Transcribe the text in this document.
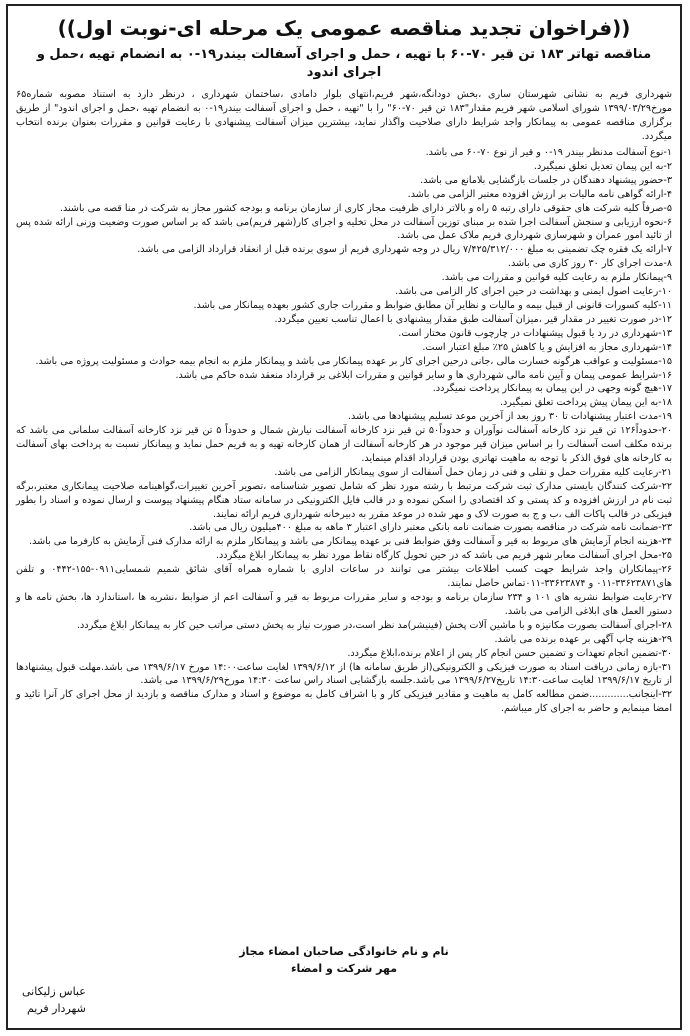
((فراخوان تجدید مناقصه عمومی یک مرحله ای-نوبت اول))
مناقصه تهاتر ۱۸۳ تن قیر ۷۰-۶۰ با تهیه ، حمل و اجرای آسفالت بیندر۱۹-۰ به انضمام تهیه ،حمل و اجرای اندود

شهرداری فریم به نشانی شهرستان ساری ،بخش دودانگه،شهر فریم،انتهای بلوار دامادی ،ساختمان شهرداری ، درنظر دارد به استناد مصوبه شماره۶۵ مورخ۱۳۹۹/۰۳/۲۹ شورای اسلامی شهر فریم مقدار"۱۸۳ تن قیر ۷۰-۶۰" را با "تهیه ، حمل و اجرای آسفالت بیندر۱۹-۰ به انضمام تهیه ،حمل و اجرای اندود" از طریق برگزاری مناقصه عمومی به پیمانکار واجد شرایط دارای صلاحیت واگذار نماید، بیشترین میزان آسفالت پیشنهادی با رعایت قوانین و مقررات بعنوان برنده انتخاب میگردد.

۱-نوع آسفالت مدنظر بیندر ۱۹-۰ و قیر از نوع ۷۰-۶۰ می باشد.
۲-به این پیمان تعدیل تعلق نمیگیرد.
۳-حضور پیشنهاد دهندگان در جلسات بازگشایی بلامانع می باشد.
۴-ارائه گواهی نامه مالیات بر ارزش افزوده معتبر الزامی می باشد.
۵-صرفاً کلیه شرکت های حقوقی دارای رتبه ۵ راه و بالاتر دارای ظرفیت مجاز کاری از سازمان برنامه و بودجه کشور مجاز به شرکت در منا قصه می باشند.
۶-نحوه ارزیابی و سنجش آسفالت اجرا شده بر مبنای توزین آسفالت در محل تخلیه و اجرای کار(شهر فریم)می باشد که بر اساس صورت وضعیت وزنی ارائه شده پس از تائید امور عمران و شهرسازی شهرداری فریم ملاک عمل می باشد.
۷-ارائه یک فقره چک تضمینی به مبلغ ۷/۴۲۵/۳۱۲/۰۰۰ ریال در وجه شهرداری فریم از سوی برنده قبل از انعقاد قرارداد الزامی می باشد.
۸-مدت اجرای کار ۳۰ روز کاری می باشد.
۹-پیمانکار ملزم به رعایت کلیه قوانین و مقررات می باشد.
۱۰-رعایت اصول ایمنی و بهداشت در حین اجرای کار الزامی می باشد.
۱۱-کلیه کسورات قانونی از قبیل بیمه و مالیات و نظایر آن مطابق ضوابط و مقررات جاری کشور بعهده پیمانکار می باشد.
۱۲-در صورت تغییر در مقدار قیر ،میزان آسفالت طبق مقدار پیشنهادی با اعمال تناسب تعیین میگردد.
۱۳-شهرداری در رد یا قبول پیشنهادات در چارچوب قانون مختار است.
۱۴-شهرداری مجاز به افزایش و یا کاهش ۲۵٪ مبلغ اعتبار است.
۱۵-مسئولیت و عواقب هرگونه خسارت مالی ،جانی درحین اجرای کار بر عهده پیمانکار می باشد و پیمانکار ملزم به انجام بیمه حوادث و مسئولیت پروژه می باشد.
۱۶-شرایط عمومی پیمان و آیین نامه مالی شهرداری ها و سایر قوانین و مقررات ابلاغی بر قرارداد منعقد شده حاکم می باشد.
۱۷-هیچ گونه وجهی در این پیمان به پیمانکار پرداخت نمیگردد.
۱۸-به این پیمان پیش پرداخت تعلق نمیگیرد.
۱۹-مدت اعتبار پیشنهادات تا ۳۰ روز بعد از آخرین موعد تسلیم پیشنهادها می باشد.
۲۰-حدوداً۱۲۶ تن قیر نزد کارخانه آسفالت نوآوران و حدوداً۵۰ تن قیر نزد کارخانه آسفالت نیارش شمال و حدوداً ۵ تن قیر نزد کارخانه آسفالت سلمانی می باشد که برنده مکلف است آسفالت را بر اساس میزان قیر موجود در هر کارخانه آسفالت از همان کارخانه تهیه و به فریم حمل نماید و پیمانکار نسبت به پرداخت بهای آسفالت به کارخانه های فوق الذکر با توجه به ماهیت تهاتری بودن قرارداد اقدام مینماید.
۲۱-رعایت کلیه مقررات حمل و نقلی و فنی در زمان حمل آسفالت از سوی پیمانکار الزامی می باشد.
۲۲-شرکت کنندگان بایستی مدارک ثبت شرکت مرتبط با رشته مورد نظر که شامل تصویر شناسنامه ،تصویر آخرین تغییرات،گواهینامه صلاحیت پیمانکاری معتبر،برگه ثبت نام در ارزش افزوده و کد پستی و کد اقتصادی را اسکن نموده و در قالب فایل الکترونیکی در سامانه ستاد هنگام پیشنهاد پیوست و ارسال نموده و اسناد را بطور فیزیکی در قالب پاکات الف ،ب و ج به صورت لاک و مهر شده در موعد مقرر به دبیرخانه شهرداری فریم ارائه نمایند.
۲۳-ضمانت نامه شرکت در مناقصه بصورت ضمانت نامه بانکی معتبر دارای اعتبار ۳ ماهه به مبلغ ۴۰۰میلیون ریال می باشد.
۲۴-هزینه انجام آزمایش های مربوط به قیر و آسفالت وفق ضوابط فنی بر عهده پیمانکار می باشد و پیمانکار ملزم به ارائه مدارک فنی آزمایش به کارفرما می باشد.
۲۵-محل اجرای آسفالت معابر شهر فریم می باشد که در حین تحویل کارگاه نقاط مورد نظر به پیمانکار ابلاغ میگردد.
۲۶-پیمانکاران واجد شرایط جهت کسب اطلاعات بیشتر می توانند در ساعات اداری با شماره همراه آقای شائق شمیم شمسایی۰۹۱۱-۱۵۵-۰۴۴۲ و تلفن های۳۳۶۲۳۸۷۱-۰۱۱ و ۳۳۶۲۳۸۷۴-۰۱۱تماس حاصل نمایند.
۲۷-رعایت ضوابط نشریه های ۱۰۱ و ۲۳۴ سازمان برنامه و بودجه و سایر مقررات مربوط به قیر و آسفالت اعم از ضوابط ،نشریه ها ،استاندارد ها، بخش نامه ها و دستور العمل های ابلاغی الزامی می باشد.
۲۸-اجرای آسفالت بصورت مکانیزه و با ماشین آلات پخش (فینیشر)مد نظر است،در صورت نیاز به پخش دستی مراتب حین کار به پیمانکار ابلاغ میگردد.
۲۹-هزینه چاپ آگهی بر عهده برنده می باشد.
۳۰-تضمین انجام تعهدات و تضمین حسن انجام کار پس از اعلام برنده،ابلاغ میگردد.
۳۱-بازه زمانی دریافت اسناد به صورت فیزیکی و الکترونیکی(از طریق سامانه ها) از ۱۳۹۹/۶/۱۲ لغایت ساعت۱۴:۰۰ مورخ ۱۳۹۹/۶/۱۷ می باشد.مهلت قبول پیشنهادها از تاریخ ۱۳۹۹/۶/۱۷ لغایت ساعت۱۴:۳۰ تاریخ۱۳۹۹/۶/۲۷ می باشد.جلسه بازگشایی اسناد راس ساعت ۱۴:۳۰ مورخ۱۳۹۹/۶/۲۹ می باشد.
۳۲-اینجانب.............ضمن مطالعه کامل به ماهیت و مقادیر فیزیکی کار و با اشراف کامل به موضوع و اسناد و مدارک مناقصه و بازدید از محل اجرای کار آنرا تائید و امضا مینمایم و حاضر به اجرای کار میباشم.
نام و نام خانوادگی صاحبان امضاء مجاز
مهر شرکت و امضاء
عباس زلیکانی
شهردار فریم
